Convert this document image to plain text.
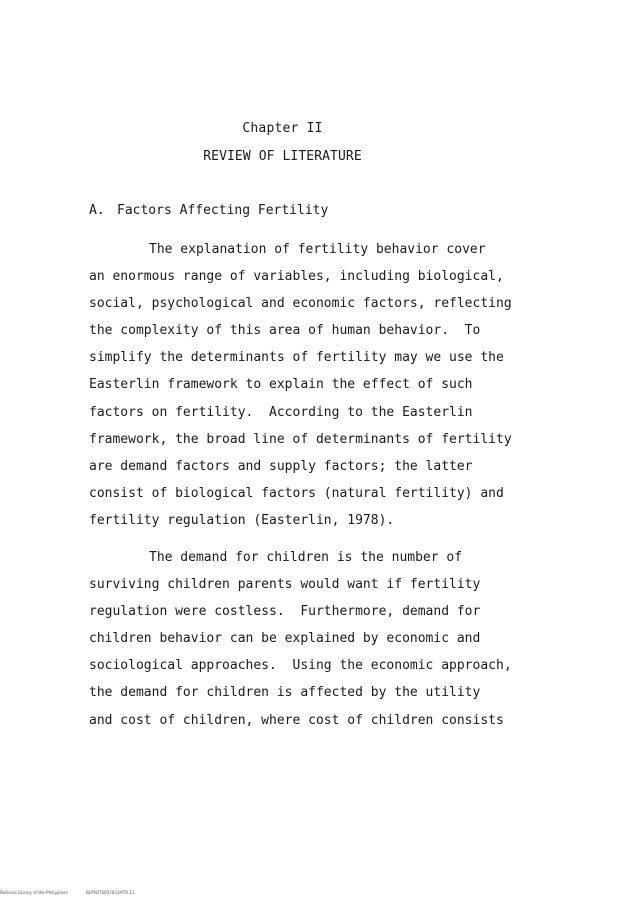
Chapter II
REVIEW OF LITERATURE
A. Factors Affecting Fertility
The explanation of fertility behavior cover
an enormous range of variables, including biological,
social, psychological and economic factors, reflecting
the complexity of this area of human behavior.  To
simplify the determinants of fertility may we use the
Easterlin framework to explain the effect of such
factors on fertility.  According to the Easterlin
framework, the broad line of determinants of fertility
are demand factors and supply factors; the latter
consist of biological factors (natural fertility) and
fertility regulation (Easterlin, 1978).
The demand for children is the number of
surviving children parents would want if fertility
regulation were costless.  Furthermore, demand for
children behavior can be explained by economic and
sociological approaches.  Using the economic approach,
the demand for children is affected by the utility
and cost of children, where cost of children consists
National Library of the Philippines	NLPVDT0047641MTR.11
